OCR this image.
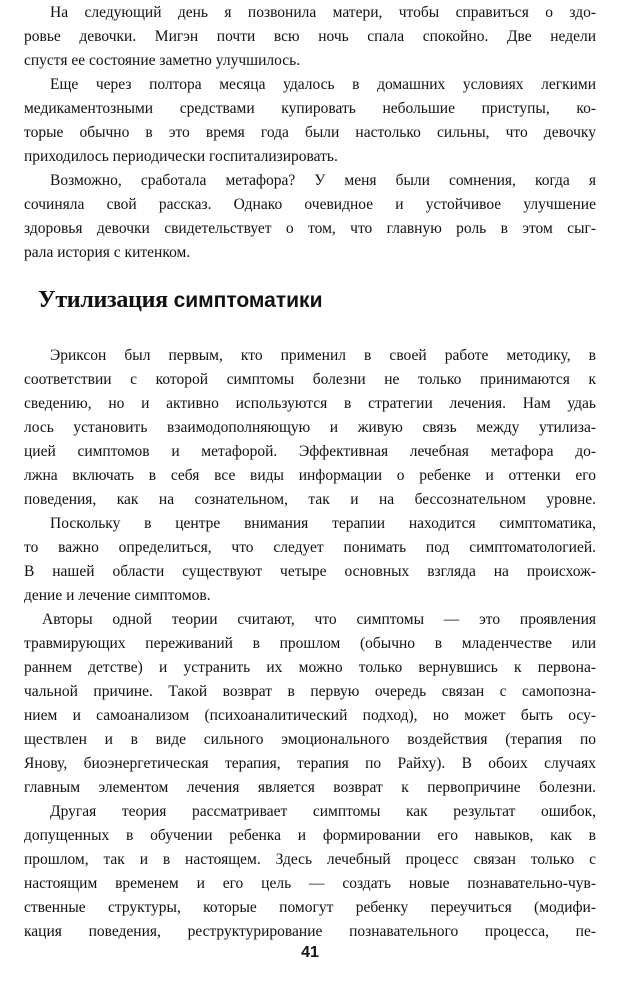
На следующий день я позвонила матери, чтобы справиться о здо-
ровье девочки. Мигэн почти всю ночь спала спокойно. Две недели
спустя ее состояние заметно улучшилось.
Еще через полтора месяца удалось в домашних условиях легкими
медикаментозными средствами купировать небольшие приступы, ко-
торые обычно в это время года были настолько сильны, что девочку
приходилось периодически госпитализировать.
Возможно, сработала метафора? У меня были сомнения, когда я
сочиняла свой рассказ. Однако очевидное и устойчивое улучшение
здоровья девочки свидетельствует о том, что главную роль в этом сыг-
рала история с китенком.
Утилизация симптоматики
Эриксон был первым, кто применил в своей работе методику, в
соответствии с которой симптомы болезни не только принимаются к
сведению, но и активно используются в стратегии лечения. Нам удаь
лось установить взаимодополняющую и живую связь между утилиза-
цией симптомов и метафорой. Эффективная лечебная метафора до-
лжна включать в себя все виды информации о ребенке и оттенки его
поведения, как на сознательном, так и на бессознательном уровне.
Поскольку в центре внимания терапии находится симптоматика,
то важно определиться, что следует понимать под симптоматологией.
В нашей области существуют четыре основных взгляда на происхож-
дение и лечение симптомов.
Авторы одной теории считают, что симптомы — это проявления
травмирующих переживаний в прошлом (обычно в младенчестве или
раннем детстве) и устранить их можно только вернувшись к первона-
чальной причине. Такой возврат в первую очередь связан с самопозна-
нием и самоанализом (психоаналитический подход), но может быть осу-
ществлен и в виде сильного эмоционального воздействия (терапия по
Янову, биоэнергетическая терапия, терапия по Райху). В обоих случаях
главным элементом лечения является возврат к первопричине болезни.
Другая теория рассматривает симптомы как результат ошибок,
допущенных в обучении ребенка и формировании его навыков, как в
прошлом, так и в настоящем. Здесь лечебный процесс связан только с
настоящим временем и его цель — создать новые познавательно-чув-
ственные структуры, которые помогут ребенку переучиться (модифи-
кация поведения, реструктурирование познавательного процесса, пе-
41
